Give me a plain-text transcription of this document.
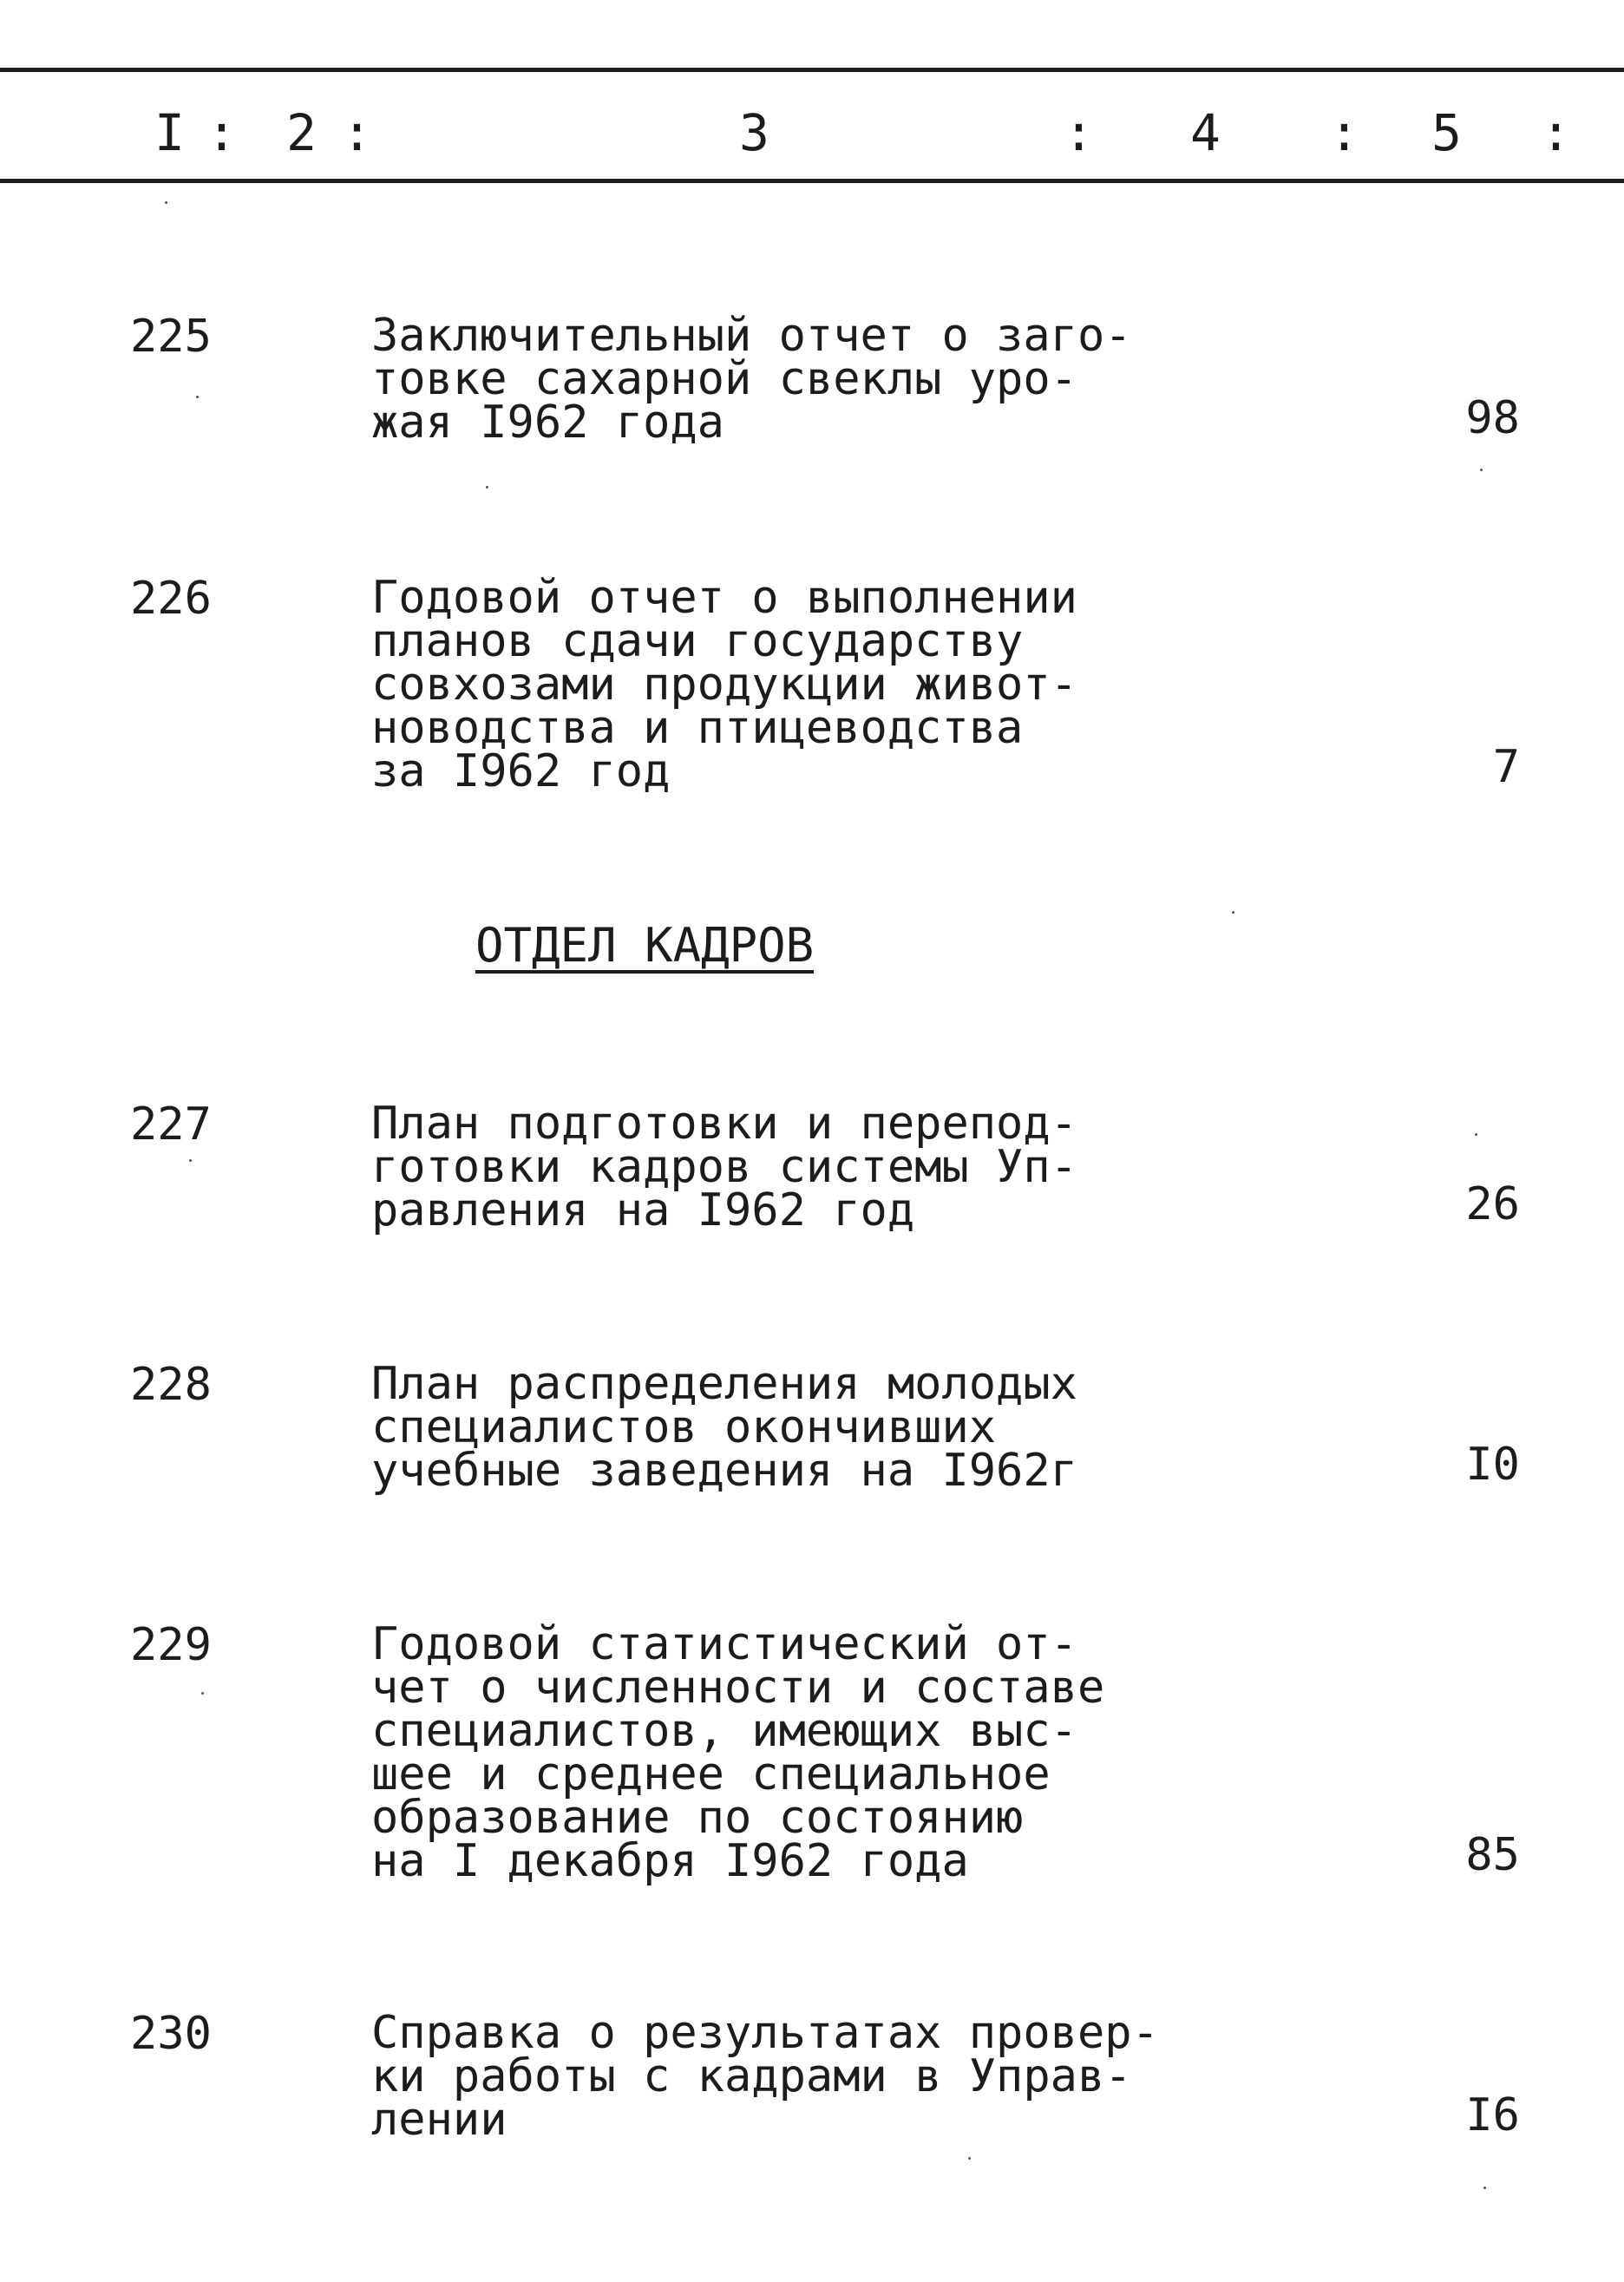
I : 2 :	3	: 4 : 5 :
225	Заключительный отчет о заго-
товке сахарной свеклы уро-
жая I962 года	98
226	Годовой отчет о выполнении
планов сдачи государству
совхозами продукции живот-
новодства и птицеводства
за I962 год	7
ОТДЕЛ КАДРОВ
227	План подготовки и перепод-
готовки кадров системы Уп-
равления на I962 год	26
228	План распределения молодых
специалистов окончивших
учебные заведения на I962г	I0
229	Годовой статистический от-
чет о численности и составе
специалистов, имеющих выс-
шее и среднее специальное
образование по состоянию
на I декабря I962 года	85
230	Справка о результатах провер-
ки работы с кадрами в Управ-
лении	I6
